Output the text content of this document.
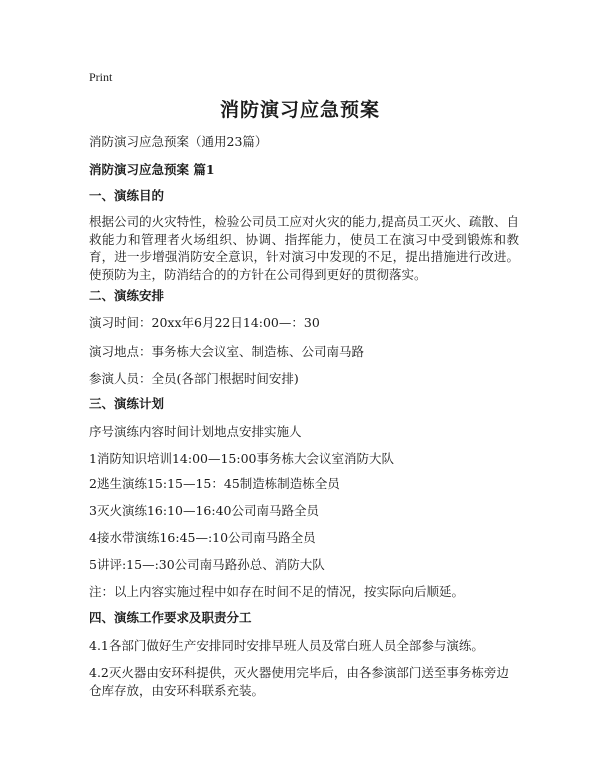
Print
消防演习应急预案
消防演习应急预案（通用23篇）
消防演习应急预案 篇1
一、演练目的
根据公司的火灾特性，检验公司员工应对火灾的能力,提高员工灭火、疏散、自救能力和管理者火场组织、协调、指挥能力，使员工在演习中受到锻炼和教育，进一步增强消防安全意识，针对演习中发现的不足，提出措施进行改进。使预防为主，防消结合的的方针在公司得到更好的贯彻落实。
二、演练安排
演习时间：20xx年6月22日14:00—：30
演习地点：事务栋大会议室、制造栋、公司南马路
参演人员：全员(各部门根据时间安排)
三、演练计划
序号演练内容时间计划地点安排实施人
1消防知识培训14:00—15:00事务栋大会议室消防大队
2逃生演练15:15—15：45制造栋制造栋全员
3灭火演练16:10—16:40公司南马路全员
4接水带演练16:45—:10公司南马路全员
5讲评:15—:30公司南马路孙总、消防大队
注：以上内容实施过程中如存在时间不足的情况，按实际向后顺延。
四、演练工作要求及职责分工
4.1各部门做好生产安排同时安排早班人员及常白班人员全部参与演练。
4.2灭火器由安环科提供，灭火器使用完毕后，由各参演部门送至事务栋旁边仓库存放，由安环科联系充装。
